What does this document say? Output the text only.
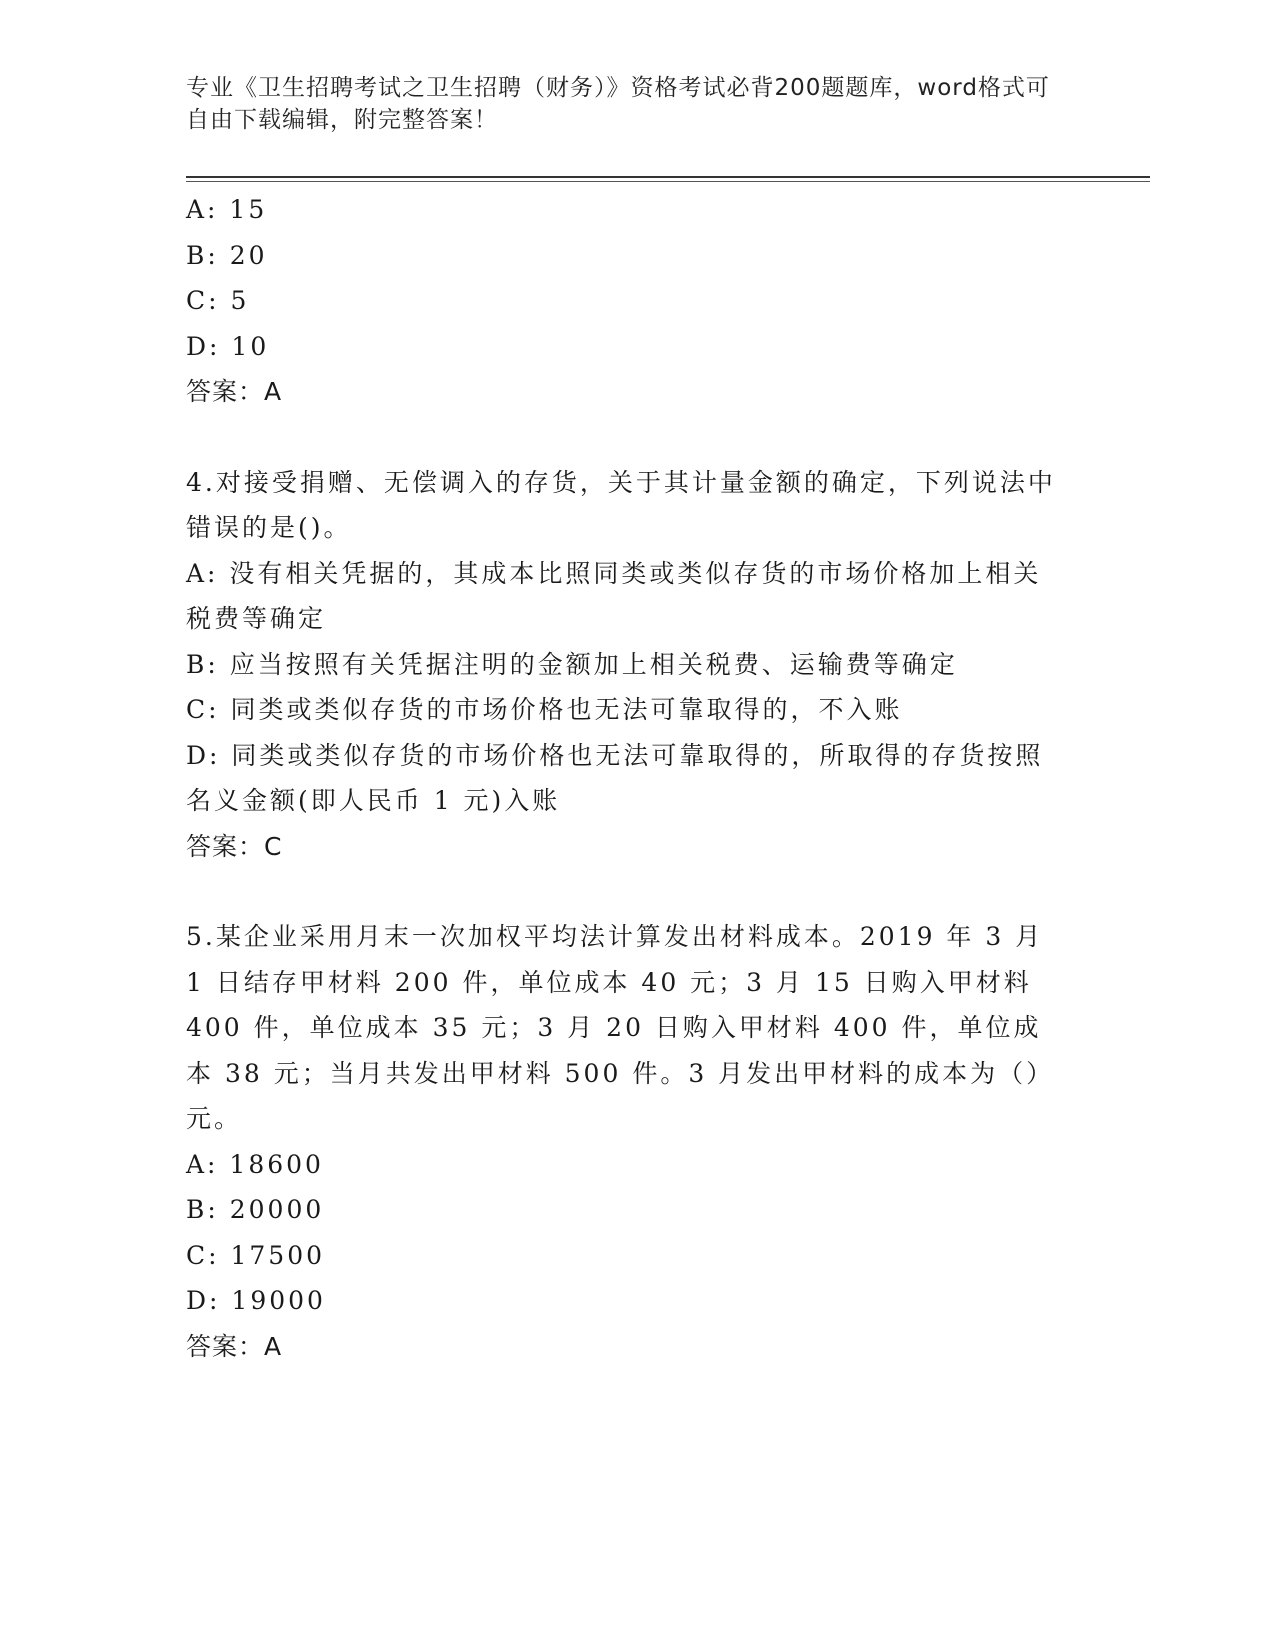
专业《卫生招聘考试之卫生招聘（财务）》资格考试必背200题题库，word格式可自由下载编辑，附完整答案！

A: 15

B: 20

C: 5

D: 10

答案：A

4.对接受捐赠、无偿调入的存货，关于其计量金额的确定，下列说法中错误的是()。

A: 没有相关凭据的，其成本比照同类或类似存货的市场价格加上相关税费等确定

B: 应当按照有关凭据注明的金额加上相关税费、运输费等确定

C: 同类或类似存货的市场价格也无法可靠取得的，不入账

D: 同类或类似存货的市场价格也无法可靠取得的，所取得的存货按照名义金额(即人民币 1 元)入账

答案：C

5.某企业采用月末一次加权平均法计算发出材料成本。2019 年 3 月 1 日结存甲材料 200 件，单位成本 40 元；3 月 15 日购入甲材料 400 件，单位成本 35 元；3 月 20 日购入甲材料 400 件，单位成本 38 元；当月共发出甲材料 500 件。3 月发出甲材料的成本为（）元。

A: 18600

B: 20000

C: 17500

D: 19000

答案：A
